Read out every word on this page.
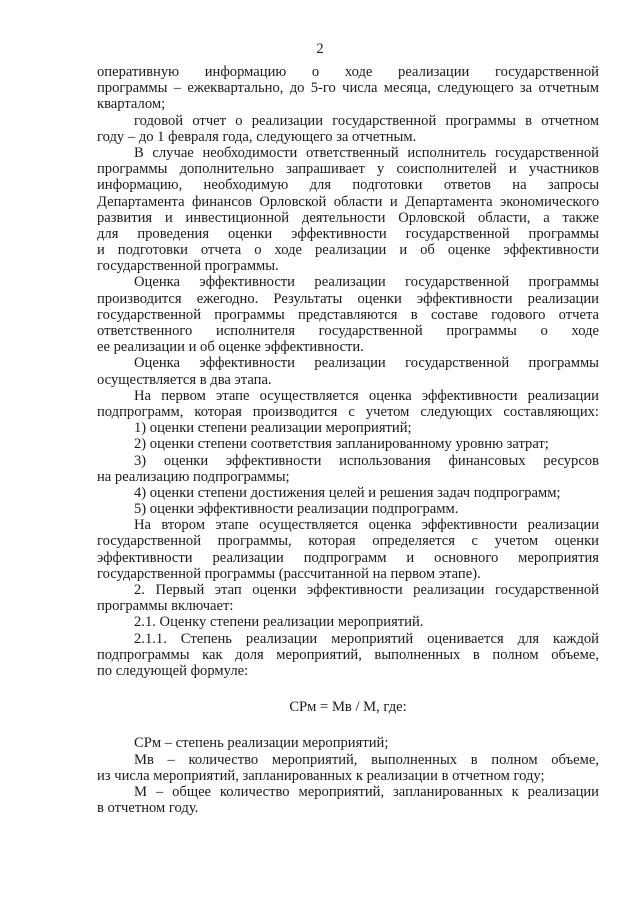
2
оперативную информацию о ходе реализации государственной
программы – ежеквартально, до 5-го числа месяца, следующего за отчетным
кварталом;
годовой отчет о реализации государственной программы в отчетном
году – до 1 февраля года, следующего за отчетным.
В случае необходимости ответственный исполнитель государственной
программы дополнительно запрашивает у соисполнителей и участников
информацию, необходимую для подготовки ответов на запросы
Департамента финансов Орловской области и Департамента экономического
развития и инвестиционной деятельности Орловской области, а также
для проведения оценки эффективности государственной программы
и подготовки отчета о ходе реализации и об оценке эффективности
государственной программы.
Оценка эффективности реализации государственной программы
производится ежегодно. Результаты оценки эффективности реализации
государственной программы представляются в составе годового отчета
ответственного исполнителя государственной программы о ходе
ее реализации и об оценке эффективности.
Оценка эффективности реализации государственной программы
осуществляется в два этапа.
На первом этапе осуществляется оценка эффективности реализации
подпрограмм, которая производится с учетом следующих составляющих:
1) оценки степени реализации мероприятий;
2) оценки степени соответствия запланированному уровню затрат;
3) оценки эффективности использования финансовых ресурсов
на реализацию подпрограммы;
4) оценки степени достижения целей и решения задач подпрограмм;
5) оценки эффективности реализации подпрограмм.
На втором этапе осуществляется оценка эффективности реализации
государственной программы, которая определяется с учетом оценки
эффективности реализации подпрограмм и основного мероприятия
государственной программы (рассчитанной на первом этапе).
2. Первый этап оценки эффективности реализации государственной
программы включает:
2.1. Оценку степени реализации мероприятий.
2.1.1. Степень реализации мероприятий оценивается для каждой
подпрограммы как доля мероприятий, выполненных в полном объеме,
по следующей формуле:
СРм = Мв / М, где:
СРм – степень реализации мероприятий;
Мв – количество мероприятий, выполненных в полном объеме,
из числа мероприятий, запланированных к реализации в отчетном году;
М – общее количество мероприятий, запланированных к реализации
в отчетном году.
